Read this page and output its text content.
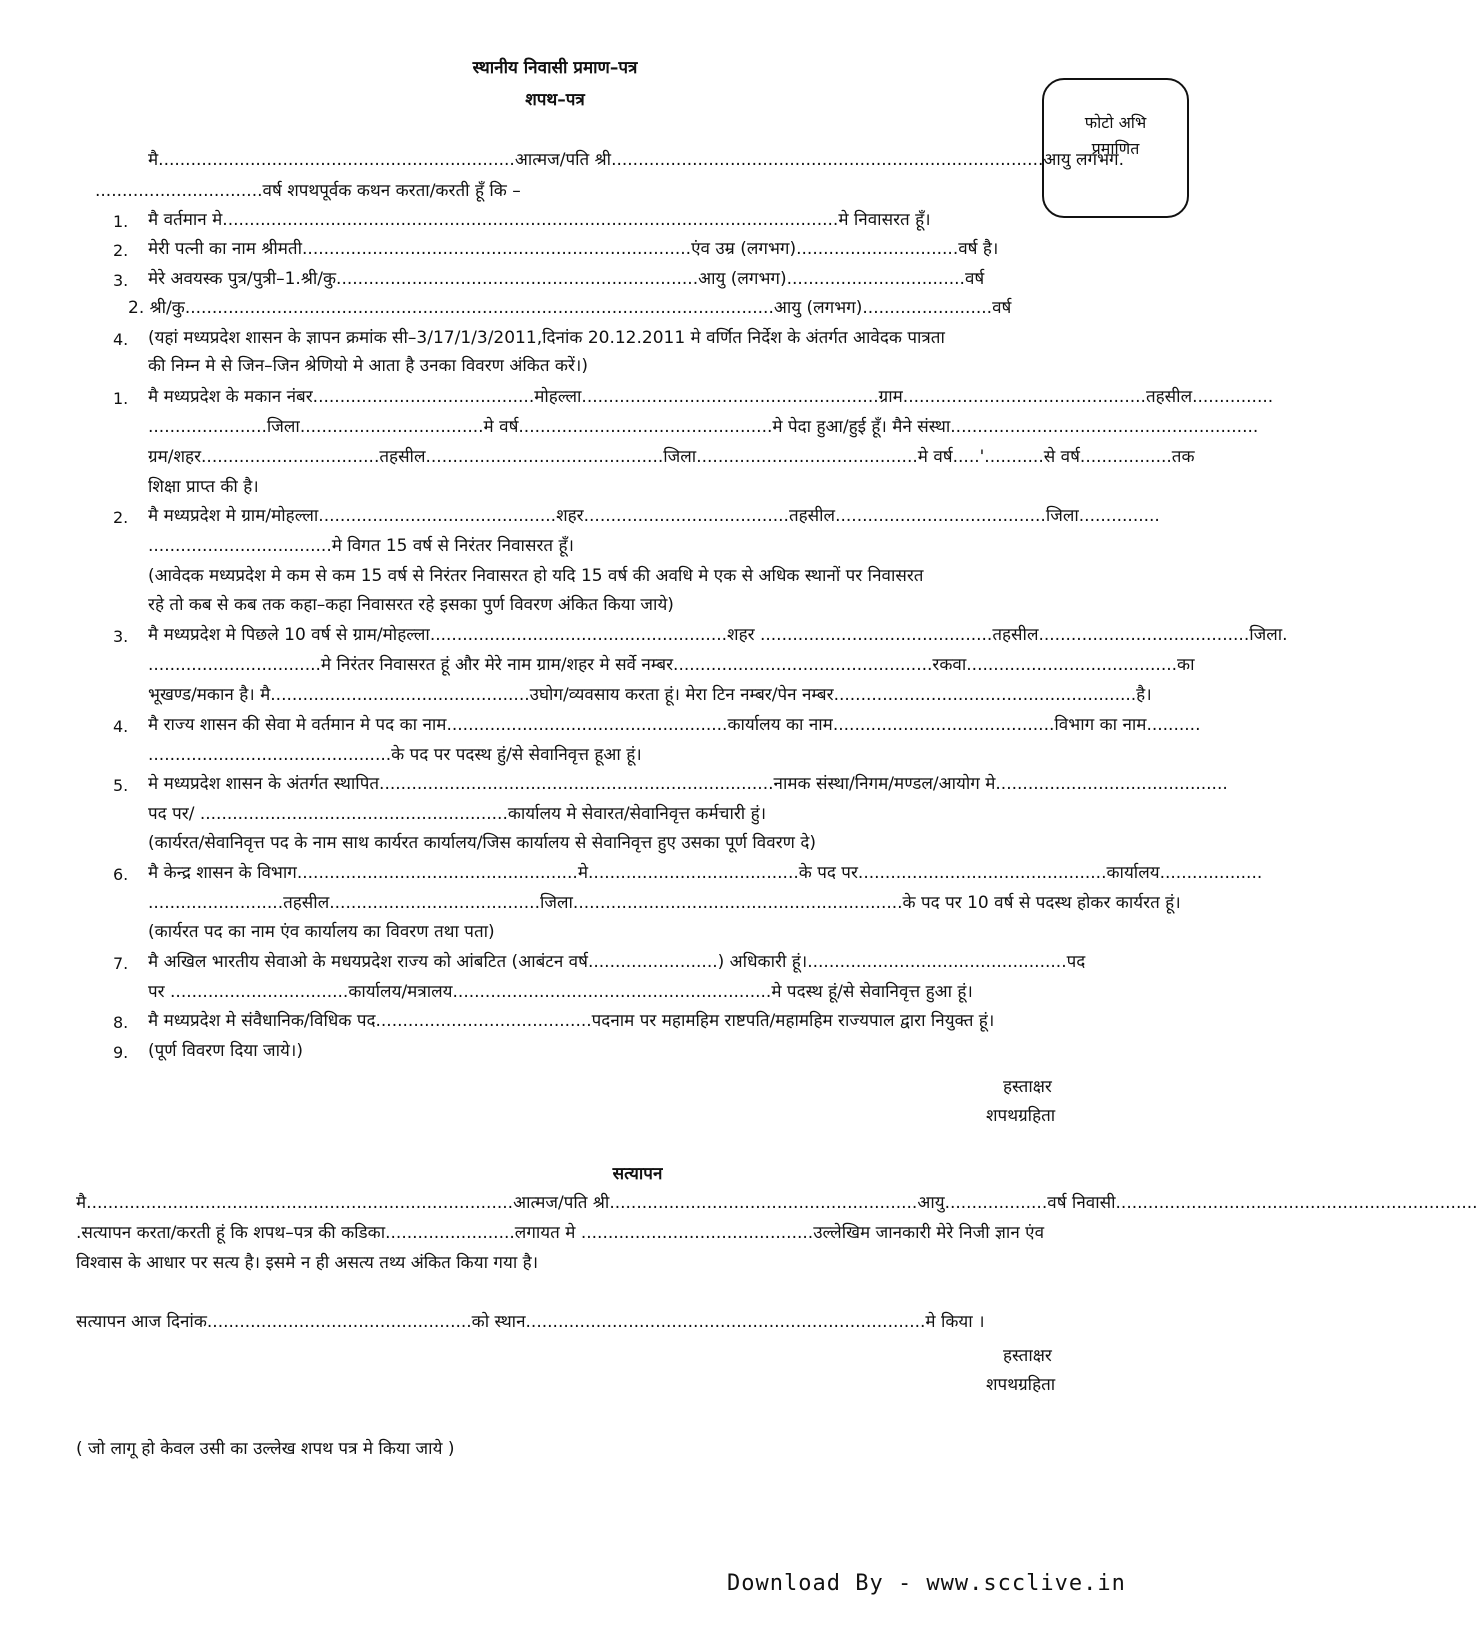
स्थानीय निवासी प्रमाण–पत्र
शपथ–पत्र
फोटो अभि
प्रमाणित
मै..................................................................आत्मज/पति श्री................................................................................आयु लगभग.
...............................वर्ष शपथपूर्वक कथन करता/करती हूँ कि –
1. मै वर्तमान मे..................................................................................................................मे निवासरत हूँ।
2. मेरी पत्नी का नाम श्रीमती........................................................................एंव उम्र (लगभग)..............................वर्ष है।
3. मेरे अवयस्क पुत्र/पुत्री–1.श्री/कु...................................................................आयु (लगभग).................................वर्ष
2. श्री/कु.............................................................................................................आयु (लगभग)........................वर्ष
4. (यहां मध्यप्रदेश शासन के ज्ञापन क्रमांक सी–3/17/1/3/2011,दिनांक 20.12.2011 मे वर्णित निर्देश के अंतर्गत आवेदक पात्रता
की निम्न मे से जिन–जिन श्रेणियो मे आता है उनका विवरण अंकित करें।)
1. मै मध्यप्रदेश के मकान नंबर.........................................मोहल्ला.......................................................ग्राम.............................................तहसील...............
......................जिला..................................मे वर्ष...............................................मे पेदा हुआ/हुई हूँ। मैने संस्था.........................................................
ग्रम/शहर.................................तहसील............................................जिला.........................................मे वर्ष.....'...........से वर्ष.................तक
शिक्षा प्राप्त की है।
2. मै मध्यप्रदेश मे ग्राम/मोहल्ला............................................शहर......................................तहसील.......................................जिला...............
..................................मे विगत 15 वर्ष से निरंतर निवासरत हूँ।
(आवेदक मध्यप्रदेश मे कम से कम 15 वर्ष से निरंतर निवासरत हो यदि 15 वर्ष की अवधि मे एक से अधिक स्थानों पर निवासरत
रहे तो कब से कब तक कहा–कहा निवासरत रहे इसका पुर्ण विवरण अंकित किया जाये)
3. मै मध्यप्रदेश मे पिछले 10 वर्ष से ग्राम/मोहल्ला.......................................................शहर ...........................................तहसील.......................................जिला.
................................मे निरंतर निवासरत हूं और मेरे नाम ग्राम/शहर मे सर्वे नम्बर................................................रकवा.......................................का
भूखण्ड/मकान है। मै................................................उघोग/व्यवसाय करता हूं। मेरा टिन नम्बर/पेन नम्बर........................................................है।
4. मै राज्य शासन की सेवा मे वर्तमान मे पद का नाम....................................................कार्यालय का नाम.........................................विभाग का नाम..........
.............................................के पद पर पदस्थ हुं/से सेवानिवृत्त हूआ हूं।
5. मे मध्यप्रदेश शासन के अंतर्गत स्थापित.........................................................................नामक संस्था/निगम/मण्डल/आयोग मे...........................................
पद पर/ .........................................................कार्यालय मे सेवारत/सेवानिवृत्त कर्मचारी हुं।
(कार्यरत/सेवानिवृत्त पद के नाम साथ कार्यरत कार्यालय/जिस कार्यालय से सेवानिवृत्त हुए उसका पूर्ण विवरण दे)
6. मै केन्द्र शासन के विभाग....................................................मे.......................................के पद पर..............................................कार्यालय...................
.........................तहसील.......................................जिला.............................................................के पद पर 10 वर्ष से पदस्थ होकर कार्यरत हूं।
(कार्यरत पद का नाम एंव कार्यालय का विवरण तथा पता)
7. मै अखिल भारतीय सेवाओ के मधयप्रदेश राज्य को आंबटित (आबंटन वर्ष........................) अधिकारी हूं।................................................पद
पर .................................कार्यालय/मत्रालय...........................................................मे पदस्थ हूं/से सेवानिवृत्त हुआ हूं।
8. मै मध्यप्रदेश मे संवैधानिक/विधिक पद........................................पदनाम पर महामहिम राष्टपति/महामहिम राज्यपाल द्वारा नियुक्त हूं।
9. (पूर्ण विवरण दिया जाये।)
हस्ताक्षर
शपथग्रहिता
सत्यापन
मै...............................................................................आत्मज/पति श्री.........................................................आयु...................वर्ष निवासी...................................................................
.सत्यापन करता/करती हूं कि शपथ–पत्र की कडिका........................लगायत मे ...........................................उल्लेखिम जानकारी मेरे निजी ज्ञान एंव
विश्वास के आधार पर सत्य है। इसमे न ही असत्य तथ्य अंकित किया गया है।
सत्यापन आज दिनांक.................................................को स्थान..........................................................................मे किया ।
हस्ताक्षर
शपथग्रहिता
( जो लागू हो केवल उसी का उल्लेख शपथ पत्र मे किया जाये )
Download By - www.scclive.in
